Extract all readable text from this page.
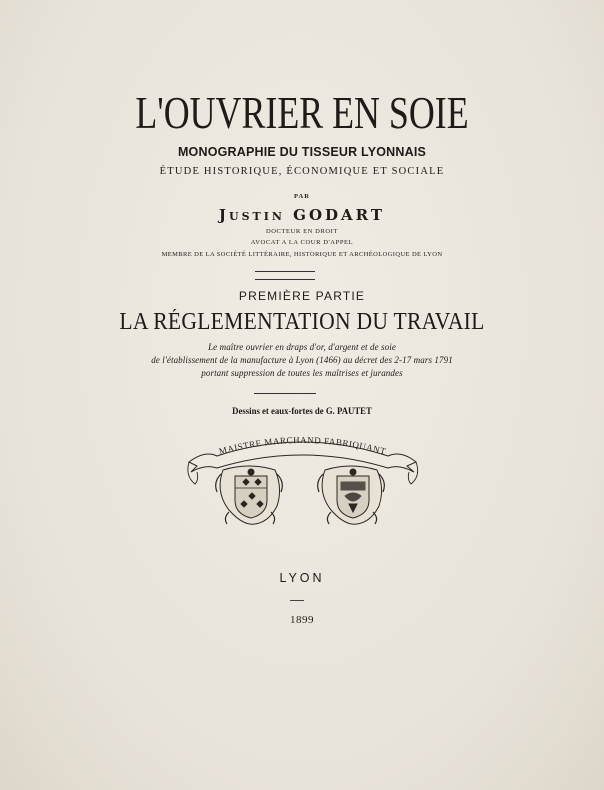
L'OUVRIER EN SOIE
MONOGRAPHIE DU TISSEUR LYONNAIS
ÉTUDE HISTORIQUE, ÉCONOMIQUE ET SOCIALE
PAR
Justin GODART
DOCTEUR EN DROIT
AVOCAT A LA COUR D'APPEL
MEMBRE DE LA SOCIÉTÉ LITTÉRAIRE, HISTORIQUE ET ARCHÉOLOGIQUE DE LYON
PREMIÈRE PARTIE
LA RÉGLEMENTATION DU TRAVAIL
Le maître ouvrier en draps d'or, d'argent et de soie
de l'établissement de la manufacture à Lyon (1466) au décret des 2-17 mars 1791
portant suppression de toutes les maîtrises et jurandes
Dessins et eaux-fortes de G. PAUTET
MAISTRE MARCHAND FABRIQUANT
LYON
1899
